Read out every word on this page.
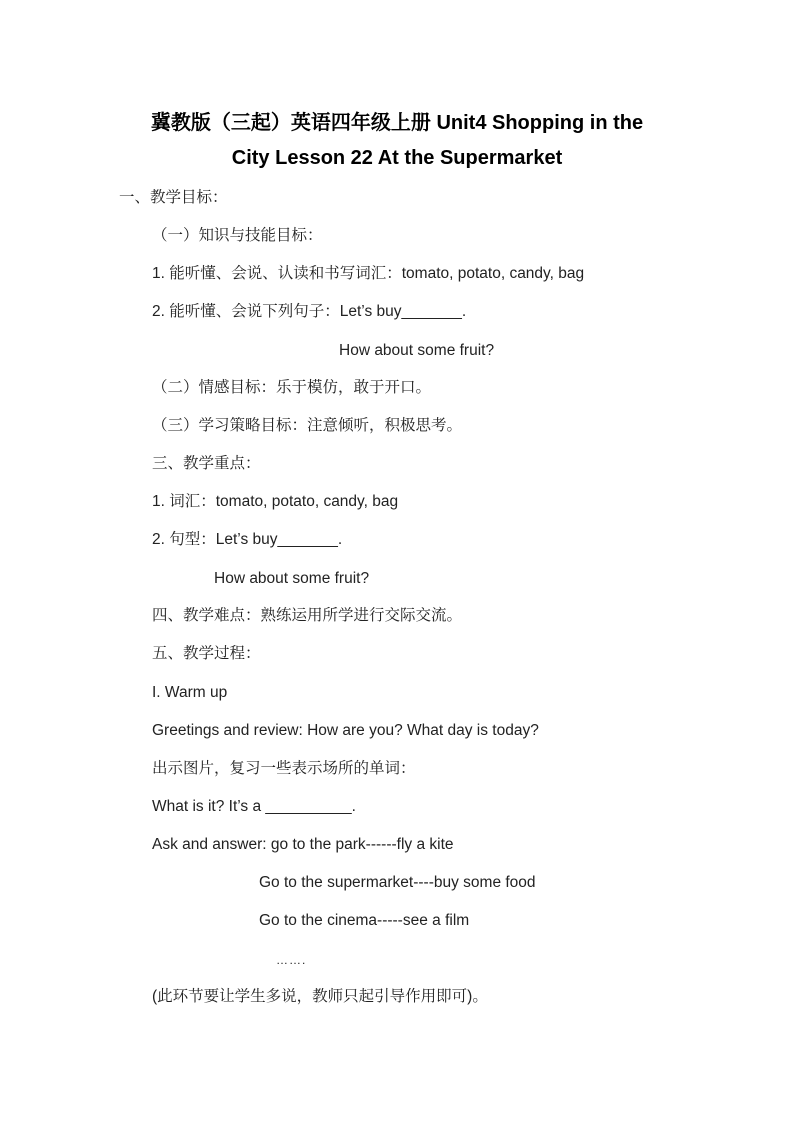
冀教版（三起）英语四年级上册 Unit4 Shopping in the
City Lesson 22 At the Supermarket
一、教学目标：
（一）知识与技能目标：
1. 能听懂、会说、认读和书写词汇：tomato, potato, candy, bag
2. 能听懂、会说下列句子：Let’s buy_______.
How about some fruit?
（二）情感目标：乐于模仿，敢于开口。
（三）学习策略目标：注意倾听，积极思考。
三、教学重点：
1. 词汇：tomato, potato, candy, bag
2. 句型：Let’s buy_______.
How about some fruit?
四、教学难点：熟练运用所学进行交际交流。
五、教学过程：
I. Warm up
Greetings and review: How are you? What day is today?
出示图片，复习一些表示场所的单词：
What is it? It’s a __________.
Ask and answer: go to the park------fly a kite
Go to the supermarket----buy some food
Go to the cinema-----see a film
…….
(此环节要让学生多说，教师只起引导作用即可)。
